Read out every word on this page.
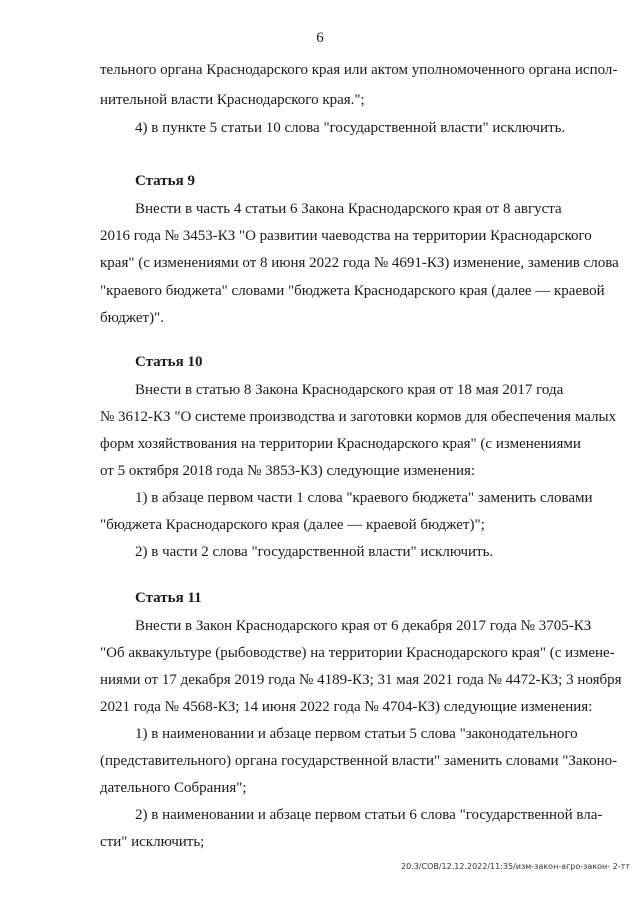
6

тельного органа Краснодарского края или актом уполномоченного органа испол-

нительной власти Краснодарского края.";

4) в пункте 5 статьи 10 слова "государственной власти" исключить.

Статья 9

Внести в часть 4 статьи 6 Закона Краснодарского края от 8 августа

2016 года № 3453-КЗ "О развитии чаеводства на территории Краснодарского

края" (с изменениями от 8 июня 2022 года № 4691-КЗ) изменение, заменив слова

"краевого бюджета" словами "бюджета Краснодарского края (далее — краевой

бюджет)".

Статья 10

Внести в статью 8 Закона Краснодарского края от 18 мая 2017 года

№ 3612-КЗ "О системе производства и заготовки кормов для обеспечения малых

форм хозяйствования на территории Краснодарского края" (с изменениями

от 5 октября 2018 года № 3853-КЗ) следующие изменения:

1) в абзаце первом части 1 слова "краевого бюджета" заменить словами

"бюджета Краснодарского края (далее — краевой бюджет)";

2) в части 2 слова "государственной власти" исключить.

Статья 11

Внести в Закон Краснодарского края от 6 декабря 2017 года № 3705-КЗ

"Об аквакультуре (рыбоводстве) на территории Краснодарского края" (с измене-

ниями от 17 декабря 2019 года № 4189-КЗ; 31 мая 2021 года № 4472-КЗ; 3 ноября

2021 года № 4568-КЗ; 14 июня 2022 года № 4704-КЗ) следующие изменения:

1) в наименовании и абзаце первом статьи 5 слова "законодательного

(представительного) органа государственной власти" заменить словами "Законо-

дательного Собрания";

2) в наименовании и абзаце первом статьи 6 слова "государственной вла-

сти" исключить;

20.3/СОВ/12.12.2022/11:35/изм-закон-агро-закон- 2-тт
